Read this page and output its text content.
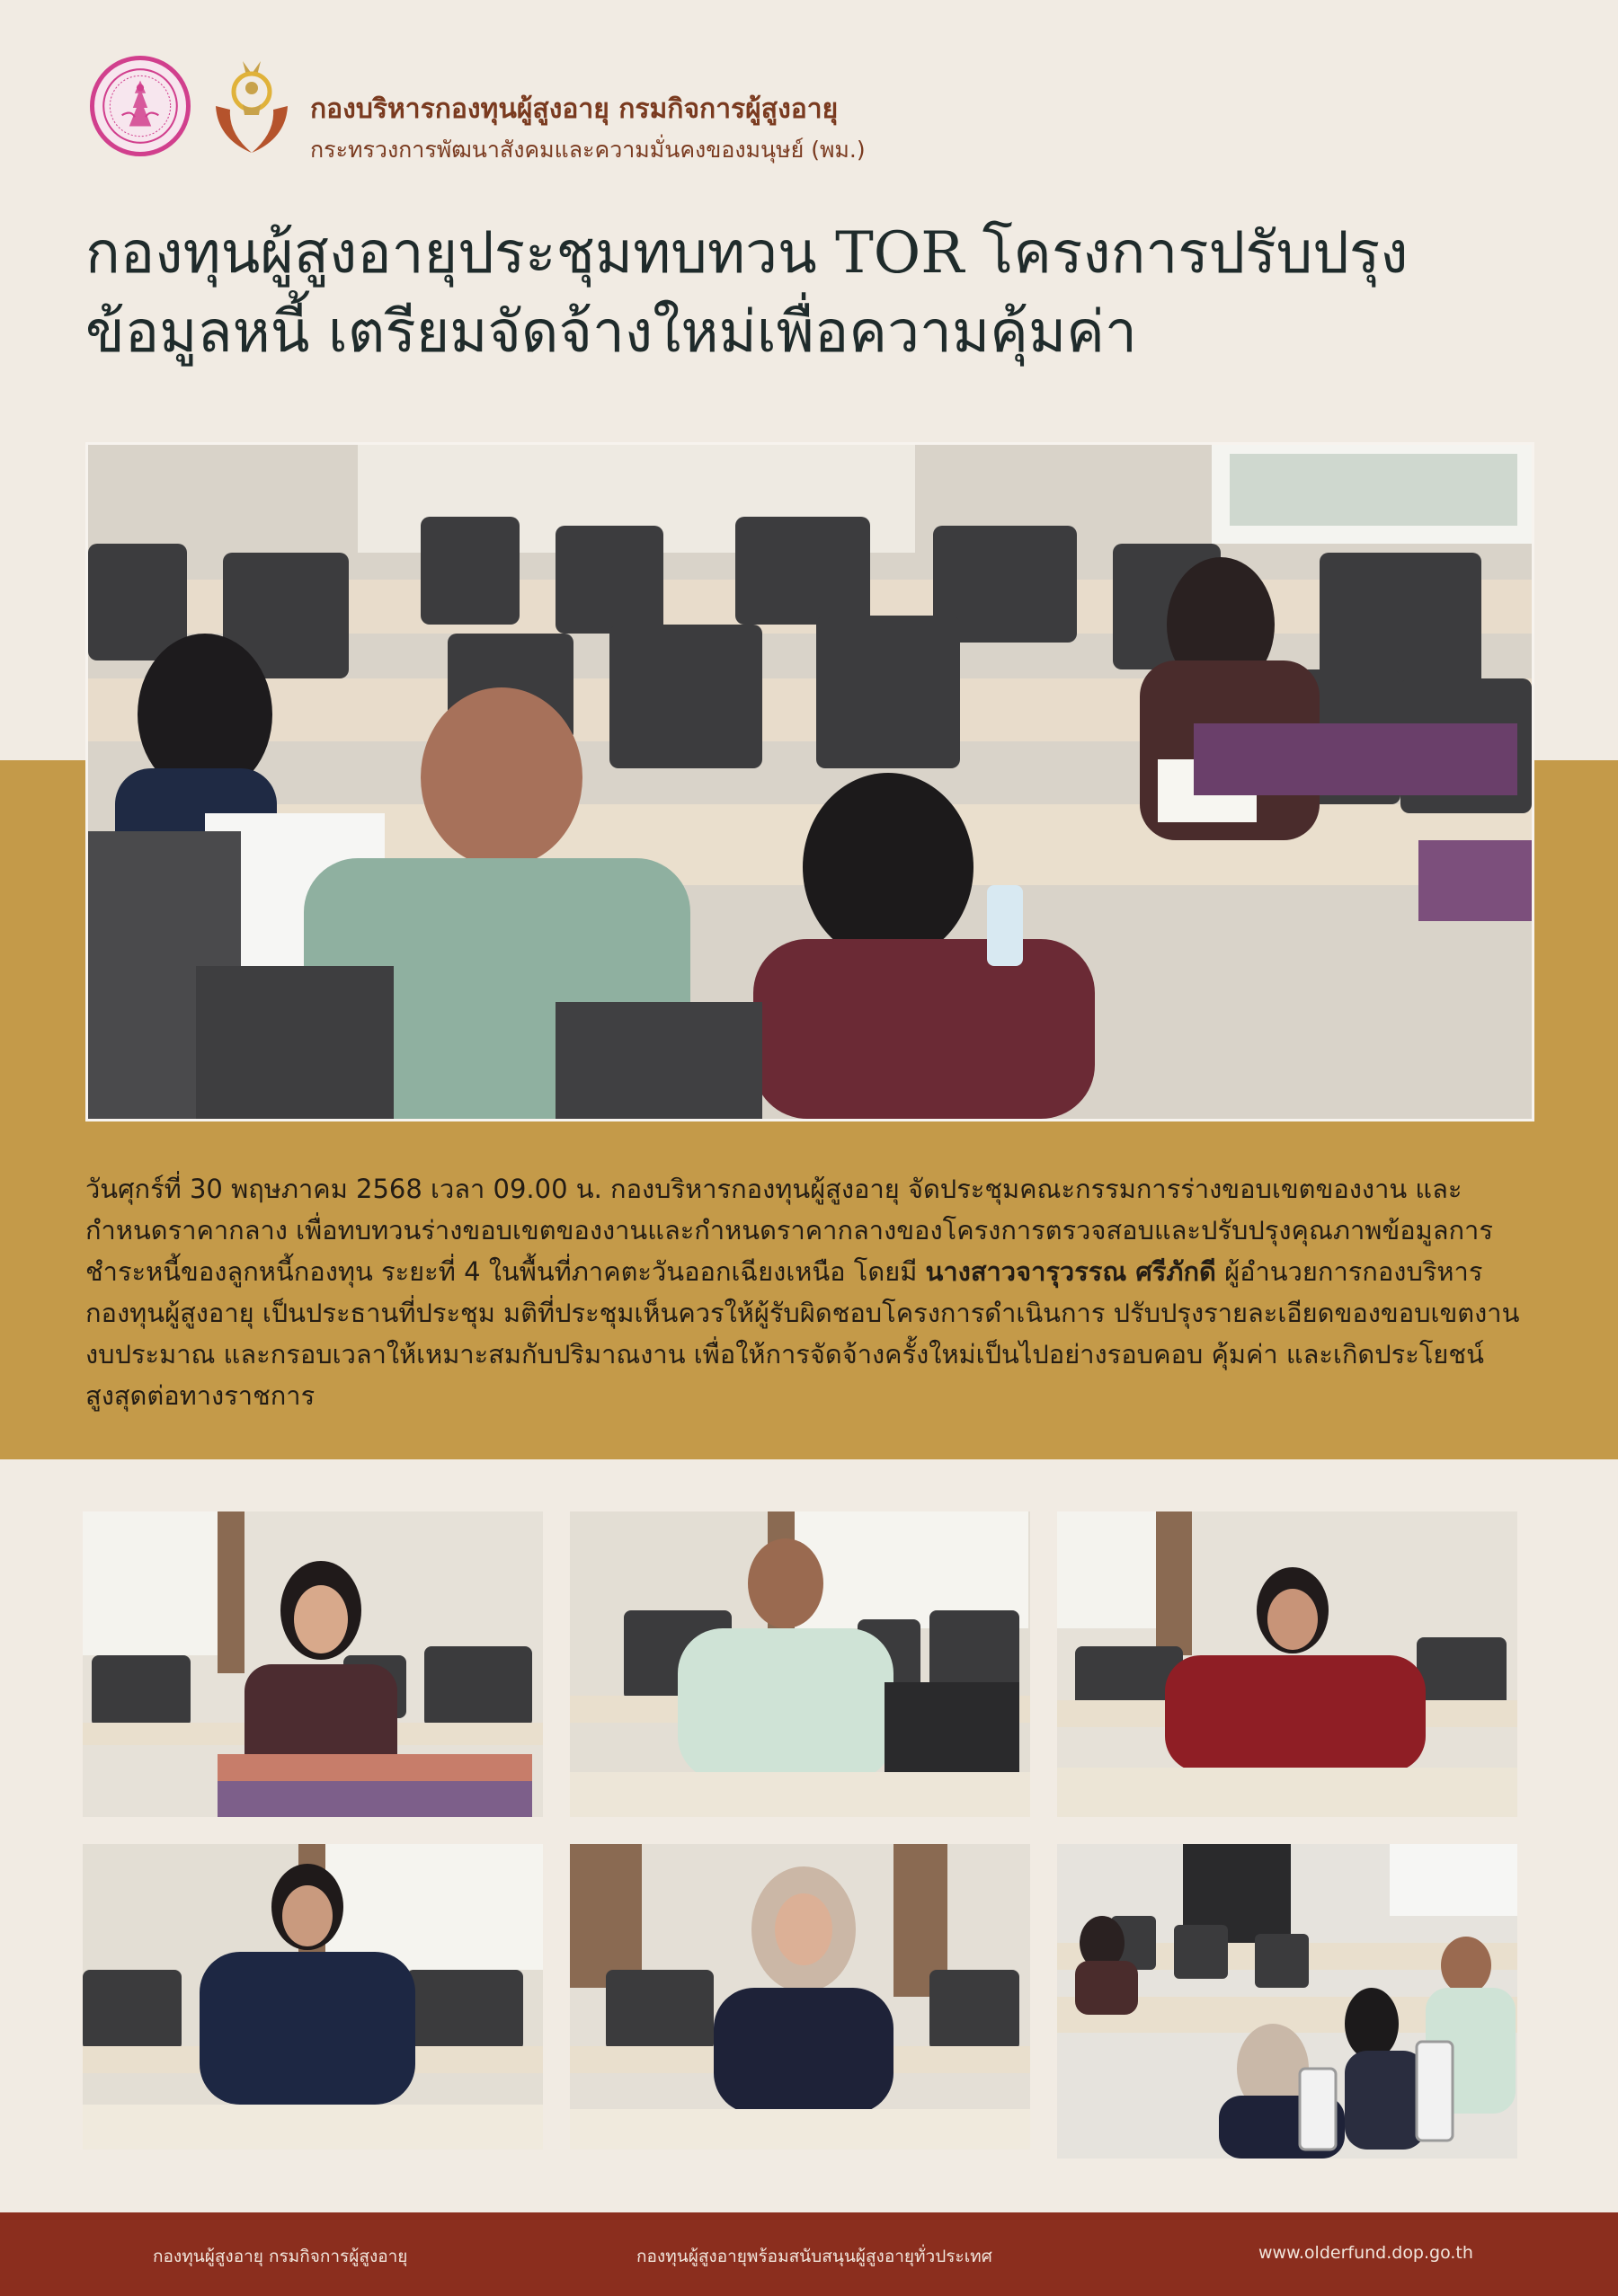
กองบริหารกองทุนผู้สูงอายุ กรมกิจการผู้สูงอายุ
กระทรวงการพัฒนาสังคมและความมั่นคงของมนุษย์ (พม.)
กองทุนผู้สูงอายุประชุมทบทวน TOR โครงการปรับปรุง
ข้อมูลหนี้ เตรียมจัดจ้างใหม่เพื่อความคุ้มค่า

วันศุกร์ที่ 30 พฤษภาคม 2568 เวลา 09.00 น. กองบริหารกองทุนผู้สูงอายุ จัดประชุมคณะกรรมการร่างขอบเขตของงาน และกำหนดราคากลาง เพื่อทบทวนร่างขอบเขตของงานและกำหนดราคากลางของโครงการตรวจสอบและปรับปรุงคุณภาพข้อมูลการชำระหนี้ของลูกหนี้กองทุน ระยะที่ 4 ในพื้นที่ภาคตะวันออกเฉียงเหนือ โดยมี นางสาวจารุวรรณ ศรีภักดี ผู้อำนวยการกองบริหารกองทุนผู้สูงอายุ เป็นประธานที่ประชุม มติที่ประชุมเห็นควรให้ผู้รับผิดชอบโครงการดำเนินการ ปรับปรุงรายละเอียดของขอบเขตงาน งบประมาณ และกรอบเวลาให้เหมาะสมกับปริมาณงาน เพื่อให้การจัดจ้างครั้งใหม่เป็นไปอย่างรอบคอบ คุ้มค่า และเกิดประโยชน์สูงสุดต่อทางราชการ

กองทุนผู้สูงอายุ กรมกิจการผู้สูงอายุ	กองทุนผู้สูงอายุพร้อมสนับสนุนผู้สูงอายุทั่วประเทศ	www.olderfund.dop.go.th
